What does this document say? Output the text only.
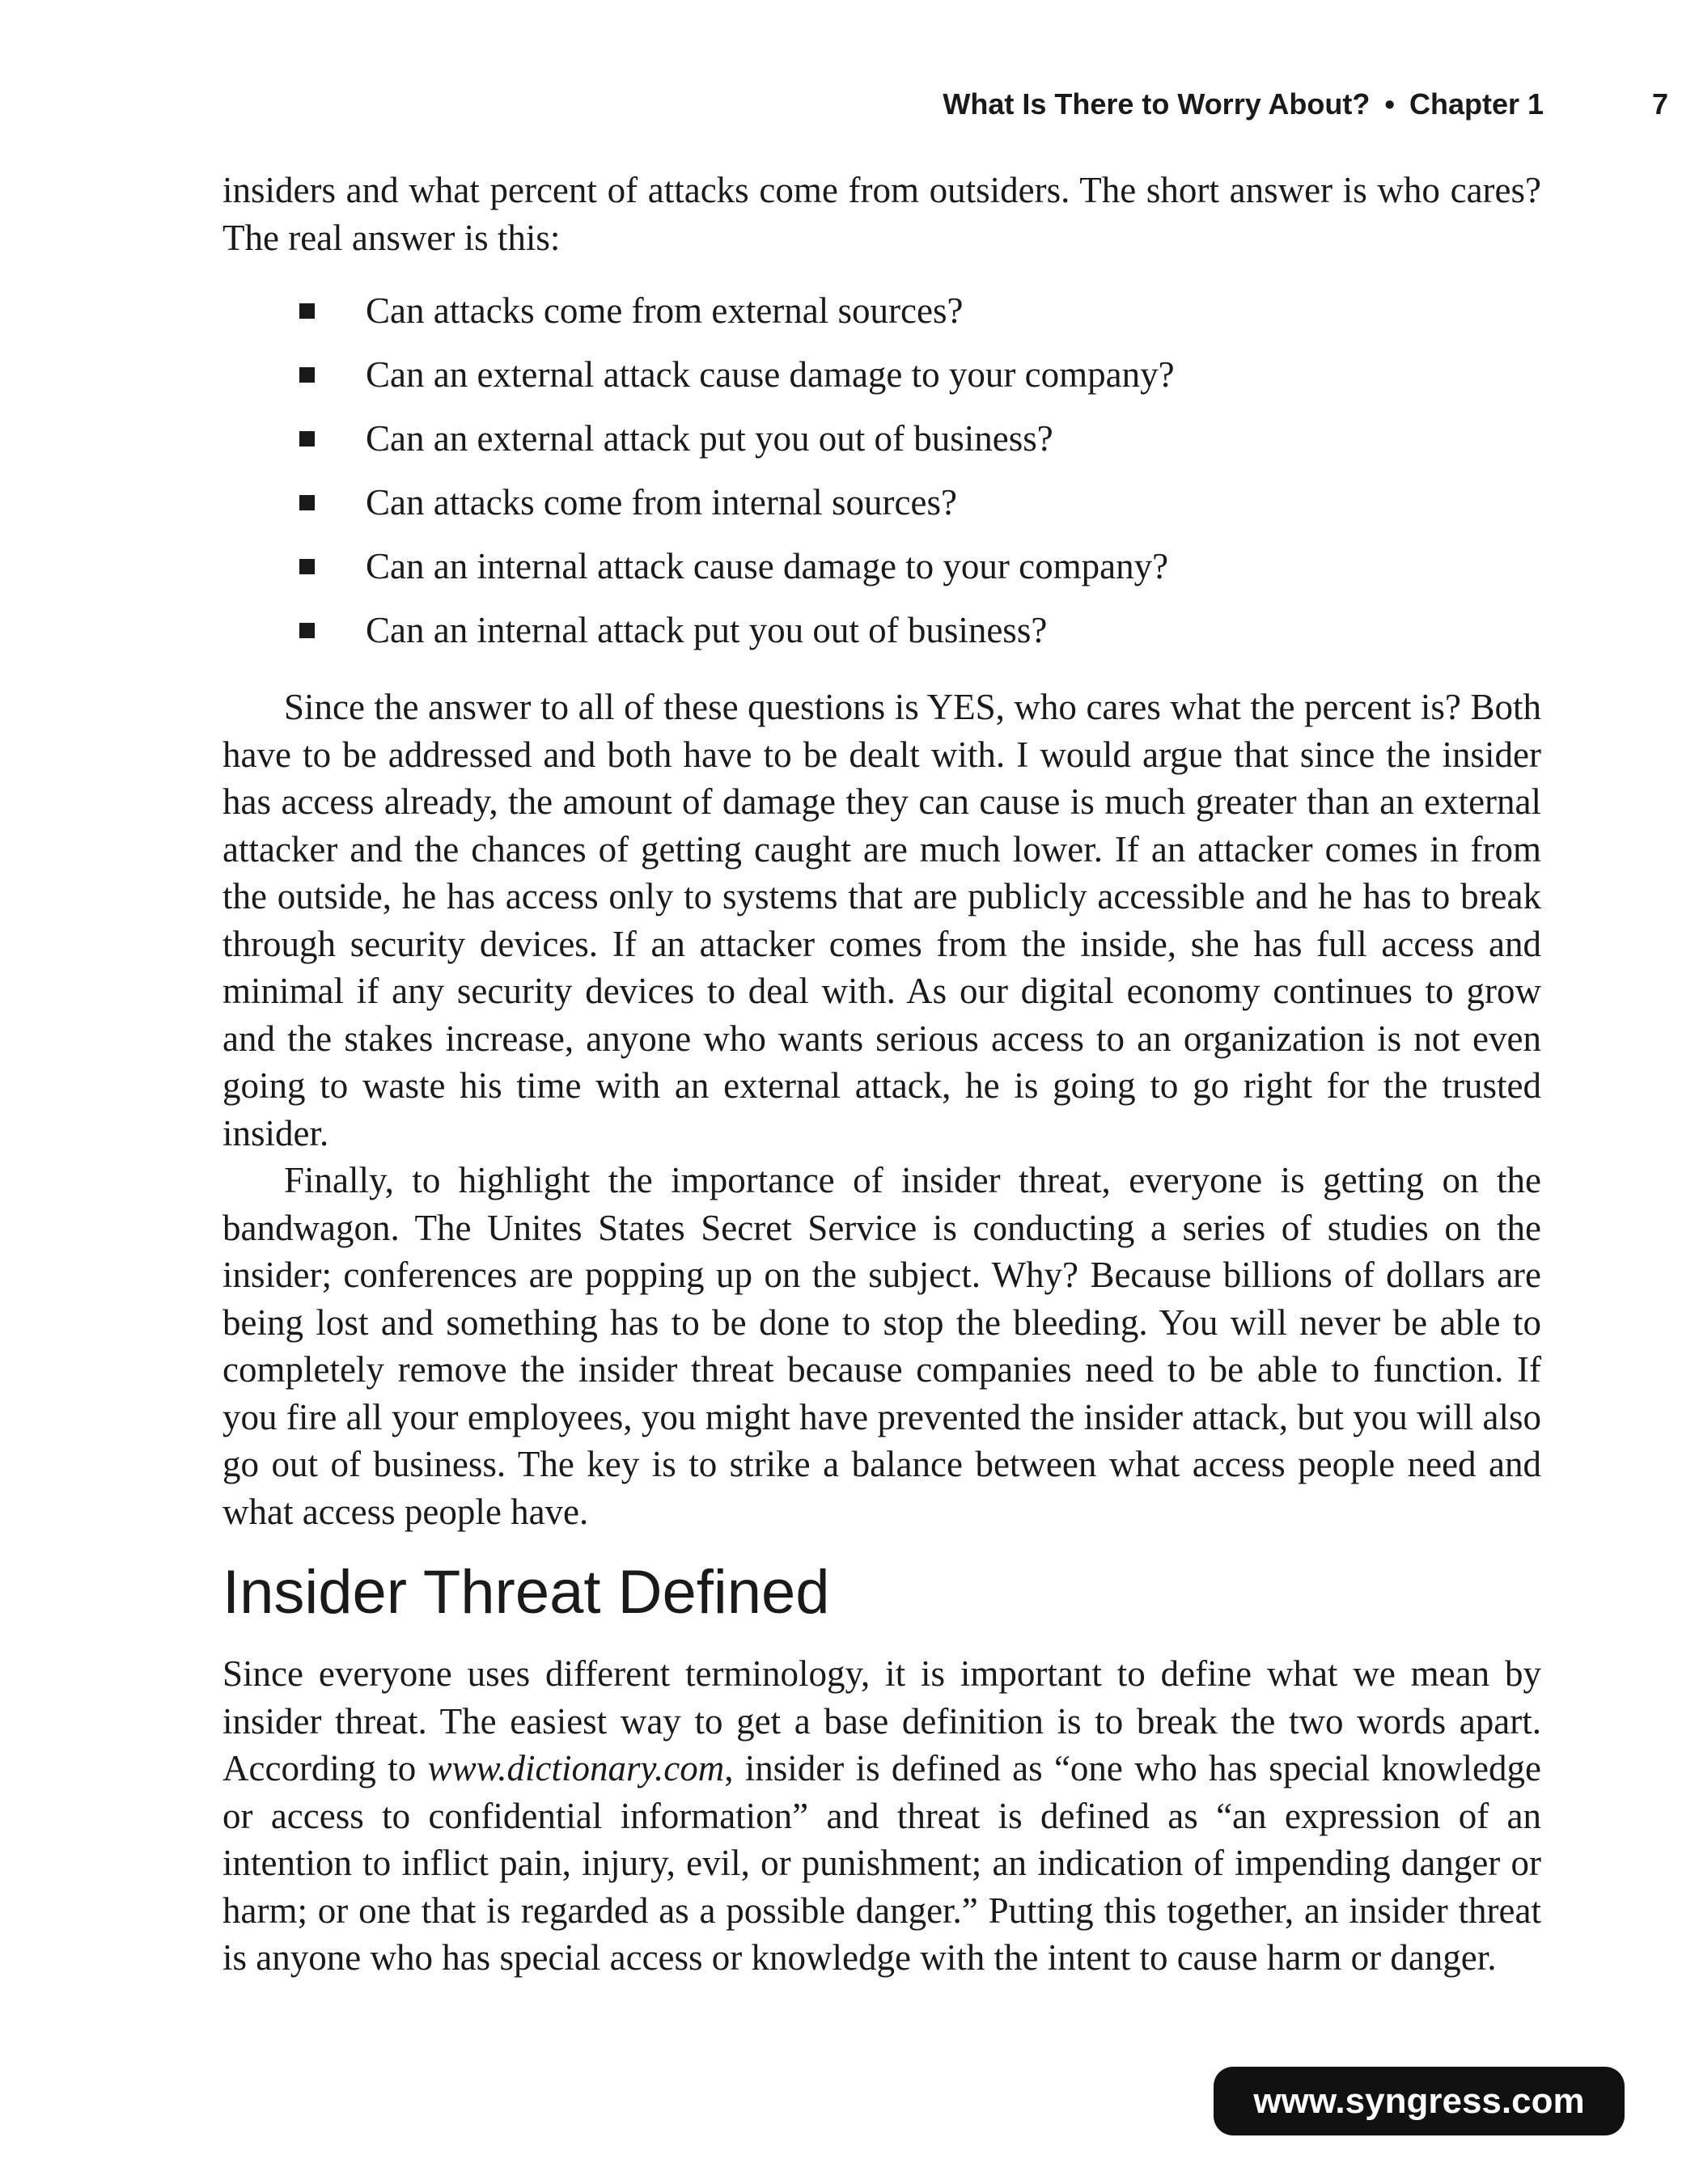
What Is There to Worry About? • Chapter 1	7

insiders and what percent of attacks come from outsiders. The short answer is who cares? The real answer is this:

Can attacks come from external sources?
Can an external attack cause damage to your company?
Can an external attack put you out of business?
Can attacks come from internal sources?
Can an internal attack cause damage to your company?
Can an internal attack put you out of business?

Since the answer to all of these questions is YES, who cares what the percent is? Both have to be addressed and both have to be dealt with. I would argue that since the insider has access already, the amount of damage they can cause is much greater than an external attacker and the chances of getting caught are much lower. If an attacker comes in from the outside, he has access only to systems that are publicly accessible and he has to break through security devices. If an attacker comes from the inside, she has full access and minimal if any security devices to deal with. As our digital economy continues to grow and the stakes increase, anyone who wants serious access to an organization is not even going to waste his time with an external attack, he is going to go right for the trusted insider.

Finally, to highlight the importance of insider threat, everyone is getting on the bandwagon. The Unites States Secret Service is conducting a series of studies on the insider; conferences are popping up on the subject. Why? Because billions of dollars are being lost and something has to be done to stop the bleeding. You will never be able to completely remove the insider threat because companies need to be able to function. If you fire all your employees, you might have prevented the insider attack, but you will also go out of business. The key is to strike a balance between what access people need and what access people have.

Insider Threat Defined

Since everyone uses different terminology, it is important to define what we mean by insider threat. The easiest way to get a base definition is to break the two words apart. According to www.dictionary.com, insider is defined as “one who has special knowledge or access to confidential information” and threat is defined as “an expression of an intention to inflict pain, injury, evil, or punishment; an indication of impending danger or harm; or one that is regarded as a possible danger.” Putting this together, an insider threat is anyone who has special access or knowledge with the intent to cause harm or danger.

www.syngress.com
